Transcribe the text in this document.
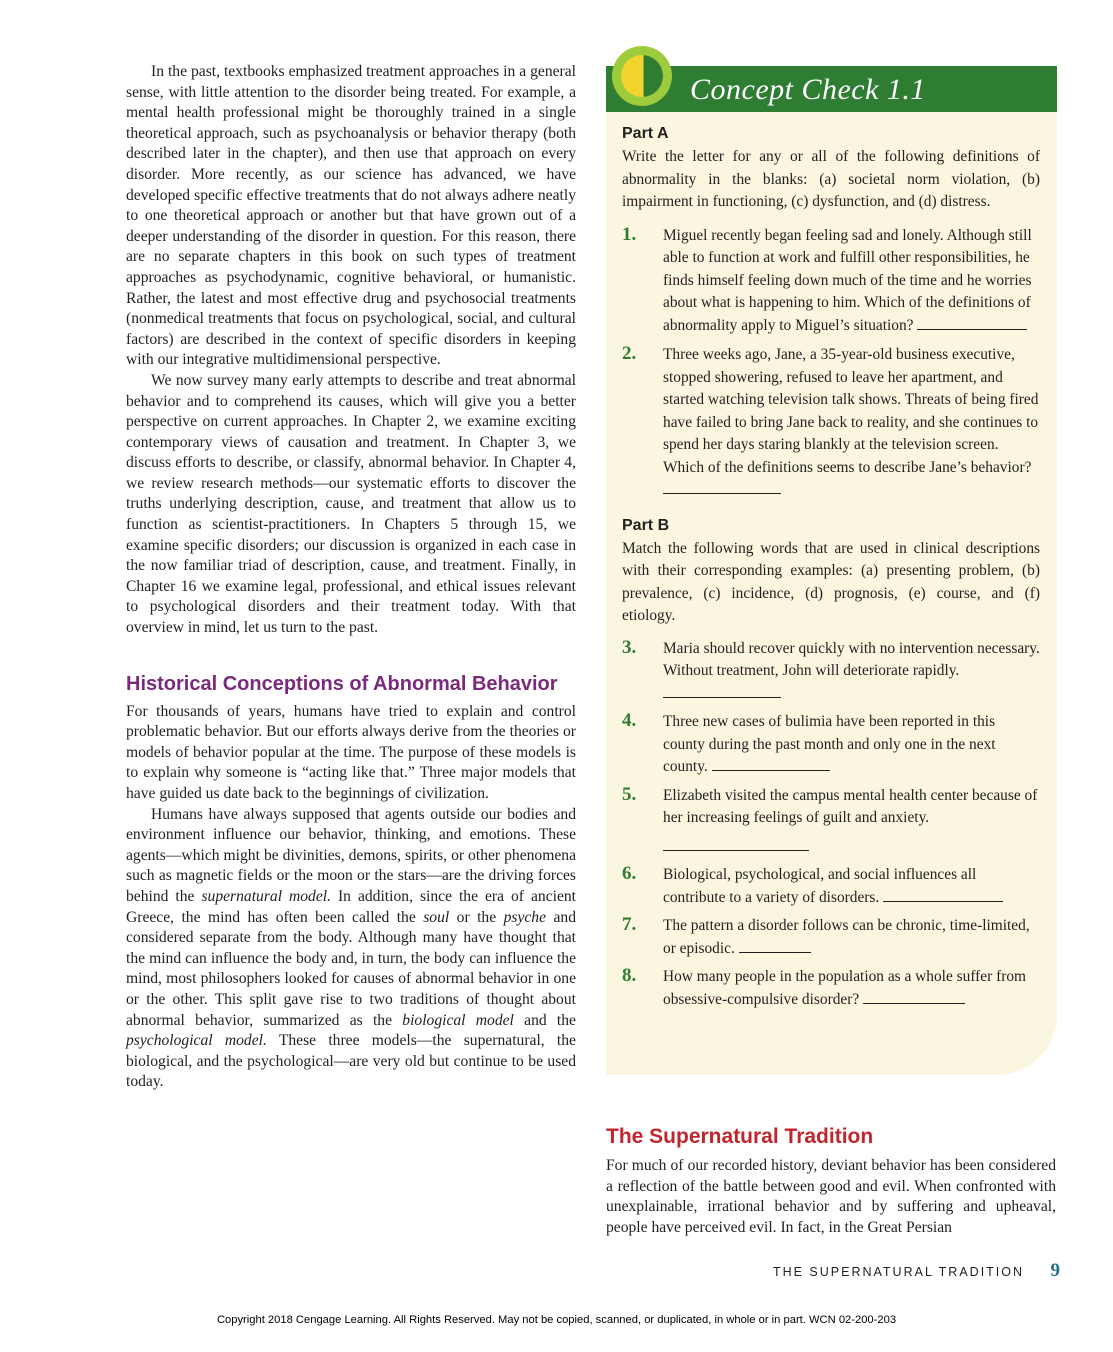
In the past, textbooks emphasized treatment approaches in a general sense, with little attention to the disorder being treated. For example, a mental health professional might be thoroughly trained in a single theoretical approach, such as psychoanalysis or behavior therapy (both described later in the chapter), and then use that approach on every disorder. More recently, as our science has advanced, we have developed specific effective treatments that do not always adhere neatly to one theoretical approach or another but that have grown out of a deeper understanding of the disorder in question. For this reason, there are no separate chapters in this book on such types of treatment approaches as psychodynamic, cognitive behavioral, or humanistic. Rather, the latest and most effective drug and psychosocial treatments (nonmedical treatments that focus on psychological, social, and cultural factors) are described in the context of specific disorders in keeping with our integrative multidimensional perspective.

We now survey many early attempts to describe and treat abnormal behavior and to comprehend its causes, which will give you a better perspective on current approaches. In Chapter 2, we examine exciting contemporary views of causation and treatment. In Chapter 3, we discuss efforts to describe, or classify, abnormal behavior. In Chapter 4, we review research methods—our systematic efforts to discover the truths underlying description, cause, and treatment that allow us to function as scientist-practitioners. In Chapters 5 through 15, we examine specific disorders; our discussion is organized in each case in the now familiar triad of description, cause, and treatment. Finally, in Chapter 16 we examine legal, professional, and ethical issues relevant to psychological disorders and their treatment today. With that overview in mind, let us turn to the past.

Historical Conceptions of Abnormal Behavior

For thousands of years, humans have tried to explain and control problematic behavior. But our efforts always derive from the theories or models of behavior popular at the time. The purpose of these models is to explain why someone is “acting like that.” Three major models that have guided us date back to the beginnings of civilization.

Humans have always supposed that agents outside our bodies and environment influence our behavior, thinking, and emotions. These agents—which might be divinities, demons, spirits, or other phenomena such as magnetic fields or the moon or the stars—are the driving forces behind the supernatural model. In addition, since the era of ancient Greece, the mind has often been called the soul or the psyche and considered separate from the body. Although many have thought that the mind can influence the body and, in turn, the body can influence the mind, most philosophers looked for causes of abnormal behavior in one or the other. This split gave rise to two traditions of thought about abnormal behavior, summarized as the biological model and the psychological model. These three models—the supernatural, the biological, and the psychological—are very old but continue to be used today.

Concept Check 1.1
Part A

Write the letter for any or all of the following definitions of abnormality in the blanks: (a) societal norm violation, (b) impairment in functioning, (c) dysfunction, and (d) distress.

1.	Miguel recently began feeling sad and lonely. Although still able to function at work and fulfill other responsibilities, he finds himself feeling down much of the time and he worries about what is happening to him. Which of the definitions of abnormality apply to Miguel’s situation?
2.	Three weeks ago, Jane, a 35-year-old business executive, stopped showering, refused to leave her apartment, and started watching television talk shows. Threats of being fired have failed to bring Jane back to reality, and she continues to spend her days staring blankly at the television screen. Which of the definitions seems to describe Jane’s behavior?

Part B

Match the following words that are used in clinical descriptions with their corresponding examples: (a) presenting problem, (b) prevalence, (c) incidence, (d) prognosis, (e) course, and (f) etiology.

3.	Maria should recover quickly with no intervention necessary. Without treatment, John will deteriorate rapidly.
4.	Three new cases of bulimia have been reported in this county during the past month and only one in the next county.
5.	Elizabeth visited the campus mental health center because of her increasing feelings of guilt and anxiety.

6.	Biological, psychological, and social influences all contribute to a variety of disorders.
7.	The pattern a disorder follows can be chronic, time-limited, or episodic.
8.	How many people in the population as a whole suffer from obsessive-compulsive disorder?
The Supernatural Tradition

For much of our recorded history, deviant behavior has been considered a reflection of the battle between good and evil. When confronted with unexplainable, irrational behavior and by suffering and upheaval, people have perceived evil. In fact, in the Great Persian

THE SUPERNATURAL TRADITION 9
Copyright 2018 Cengage Learning. All Rights Reserved. May not be copied, scanned, or duplicated, in whole or in part. WCN 02-200-203
